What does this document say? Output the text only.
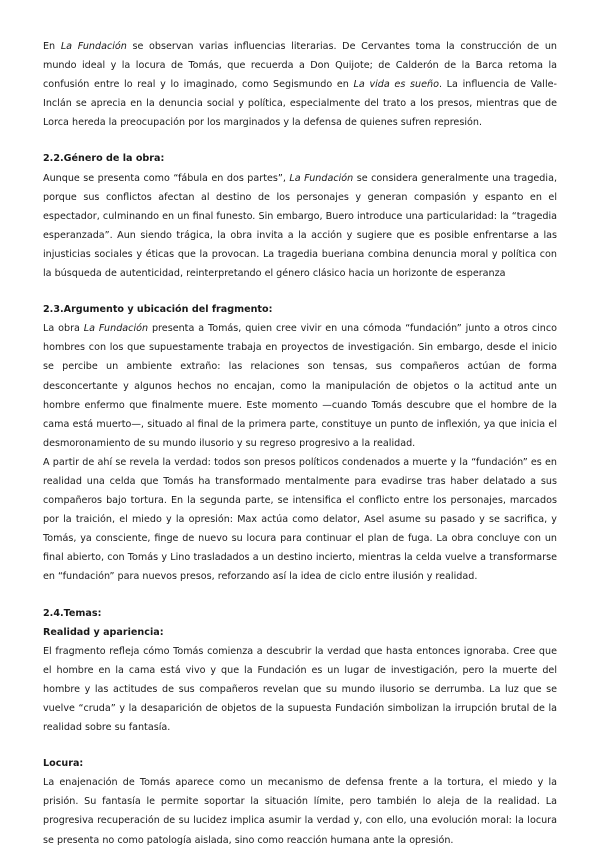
En La Fundación se observan varias influencias literarias. De Cervantes toma la construcción de un mundo ideal y la locura de Tomás, que recuerda a Don Quijote; de Calderón de la Barca retoma la confusión entre lo real y lo imaginado, como Segismundo en La vida es sueño. La influencia de Valle-Inclán se aprecia en la denuncia social y política, especialmente del trato a los presos, mientras que de Lorca hereda la preocupación por los marginados y la defensa de quienes sufren represión.

2.2.Género de la obra:

Aunque se presenta como “fábula en dos partes”, La Fundación se considera generalmente una tragedia, porque sus conflictos afectan al destino de los personajes y generan compasión y espanto en el espectador, culminando en un final funesto. Sin embargo, Buero introduce una particularidad: la “tragedia esperanzada”. Aun siendo trágica, la obra invita a la acción y sugiere que es posible enfrentarse a las injusticias sociales y éticas que la provocan. La tragedia bueriana combina denuncia moral y política con la búsqueda de autenticidad, reinterpretando el género clásico hacia un horizonte de esperanza

2.3.Argumento y ubicación del fragmento:

La obra La Fundación presenta a Tomás, quien cree vivir en una cómoda “fundación” junto a otros cinco hombres con los que supuestamente trabaja en proyectos de investigación. Sin embargo, desde el inicio se percibe un ambiente extraño: las relaciones son tensas, sus compañeros actúan de forma desconcertante y algunos hechos no encajan, como la manipulación de objetos o la actitud ante un hombre enfermo que finalmente muere. Este momento —cuando Tomás descubre que el hombre de la cama está muerto—, situado al final de la primera parte, constituye un punto de inflexión, ya que inicia el desmoronamiento de su mundo ilusorio y su regreso progresivo a la realidad.

A partir de ahí se revela la verdad: todos son presos políticos condenados a muerte y la “fundación” es en realidad una celda que Tomás ha transformado mentalmente para evadirse tras haber delatado a sus compañeros bajo tortura. En la segunda parte, se intensifica el conflicto entre los personajes, marcados por la traición, el miedo y la opresión: Max actúa como delator, Asel asume su pasado y se sacrifica, y Tomás, ya consciente, finge de nuevo su locura para continuar el plan de fuga. La obra concluye con un final abierto, con Tomás y Lino trasladados a un destino incierto, mientras la celda vuelve a transformarse en “fundación” para nuevos presos, reforzando así la idea de ciclo entre ilusión y realidad.

2.4.Temas:
Realidad y apariencia:

El fragmento refleja cómo Tomás comienza a descubrir la verdad que hasta entonces ignoraba. Cree que el hombre en la cama está vivo y que la Fundación es un lugar de investigación, pero la muerte del hombre y las actitudes de sus compañeros revelan que su mundo ilusorio se derrumba. La luz que se vuelve “cruda” y la desaparición de objetos de la supuesta Fundación simbolizan la irrupción brutal de la realidad sobre su fantasía.

Locura:

La enajenación de Tomás aparece como un mecanismo de defensa frente a la tortura, el miedo y la prisión. Su fantasía le permite soportar la situación límite, pero también lo aleja de la realidad. La progresiva recuperación de su lucidez implica asumir la verdad y, con ello, una evolución moral: la locura se presenta no como patología aislada, sino como reacción humana ante la opresión.
